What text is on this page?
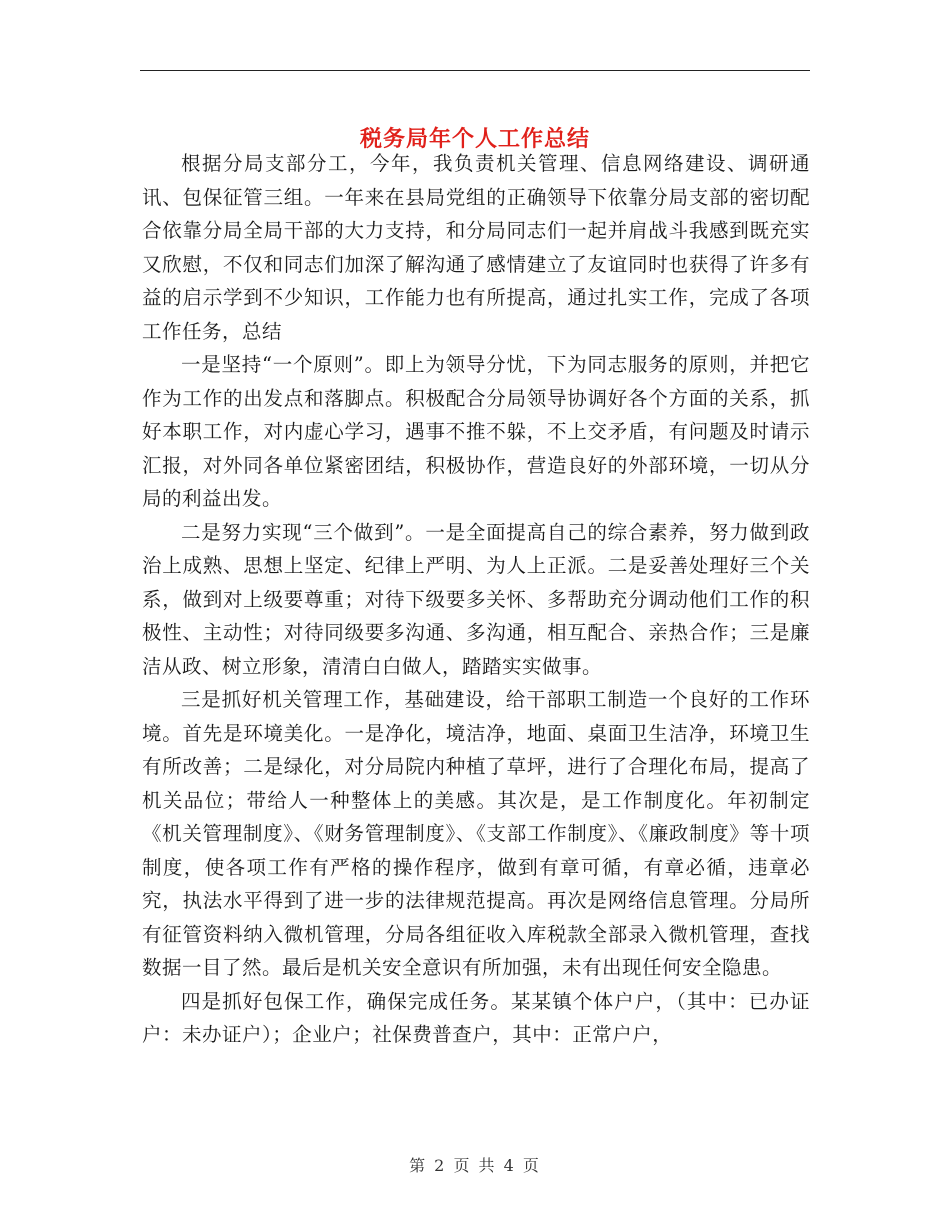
税务局年个人工作总结

根据分局支部分工，今年，我负责机关管理、信息网络建设、调研通讯、包保征管三组。一年来在县局党组的正确领导下依靠分局支部的密切配合依靠分局全局干部的大力支持，和分局同志们一起并肩战斗我感到既充实又欣慰，不仅和同志们加深了解沟通了感情建立了友谊同时也获得了许多有益的启示学到不少知识，工作能力也有所提高，通过扎实工作，完成了各项工作任务，总结

一是坚持“一个原则”。即上为领导分忧，下为同志服务的原则，并把它作为工作的出发点和落脚点。积极配合分局领导协调好各个方面的关系，抓好本职工作，对内虚心学习，遇事不推不躲，不上交矛盾，有问题及时请示汇报，对外同各单位紧密团结，积极协作，营造良好的外部环境，一切从分局的利益出发。

二是努力实现“三个做到”。一是全面提高自己的综合素养，努力做到政治上成熟、思想上坚定、纪律上严明、为人上正派。二是妥善处理好三个关系，做到对上级要尊重；对待下级要多关怀、多帮助充分调动他们工作的积极性、主动性；对待同级要多沟通、多沟通，相互配合、亲热合作；三是廉洁从政、树立形象，清清白白做人，踏踏实实做事。

三是抓好机关管理工作，基础建设，给干部职工制造一个良好的工作环境。首先是环境美化。一是净化，境洁净，地面、桌面卫生洁净，环境卫生有所改善；二是绿化，对分局院内种植了草坪，进行了合理化布局，提高了机关品位；带给人一种整体上的美感。其次是，是工作制度化。年初制定《机关管理制度》、《财务管理制度》、《支部工作制度》、《廉政制度》等十项制度，使各项工作有严格的操作程序，做到有章可循，有章必循，违章必究，执法水平得到了进一步的法律规范提高。再次是网络信息管理。分局所有征管资料纳入微机管理，分局各组征收入库税款全部录入微机管理，查找数据一目了然。最后是机关安全意识有所加强，未有出现任何安全隐患。

四是抓好包保工作，确保完成任务。某某镇个体户户，（其中：已办证户：未办证户）；企业户；社保费普查户，其中：正常户户，

第 2 页 共 4 页
